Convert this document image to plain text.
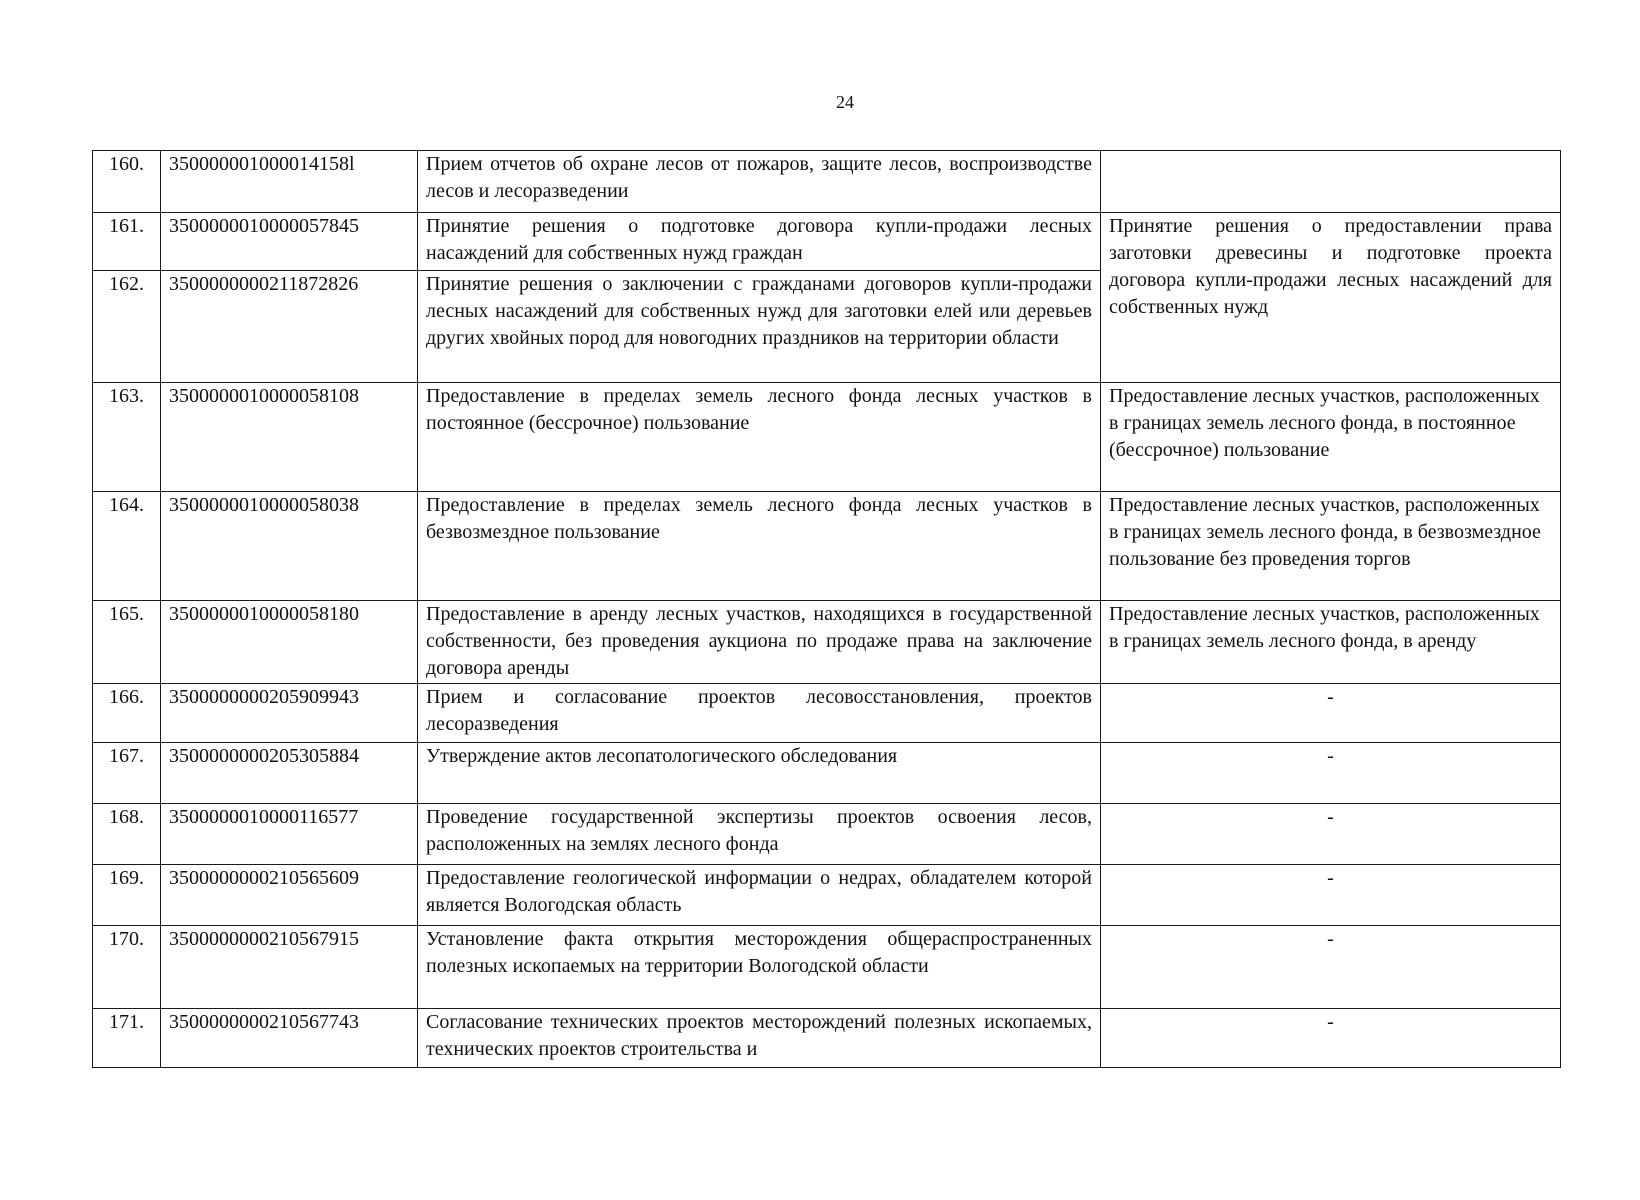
24
160.	350000001000014158l	Прием отчетов об охране лесов от пожаров, защите лесов, воспроизводстве лесов и лесоразведении	
161.	3500000010000057845	Принятие решения о подготовке договора купли-продажи лесных насаждений для собственных нужд граждан	Принятие решения о предоставлении права заготовки древесины и подготовке проекта договора купли-продажи лесных насаждений для собственных нужд
162.	3500000000211872826	Принятие решения о заключении с гражданами договоров купли-продажи лесных насаждений для собственных нужд для заготовки елей или деревьев других хвойных пород для новогодних праздников на территории области	
163.	3500000010000058108	Предоставление в пределах земель лесного фонда лесных участков в постоянное (бессрочное) пользование	Предоставление лесных участков, расположенных в границах земель лесного фонда, в постоянное (бессрочное) пользование
164.	3500000010000058038	Предоставление в пределах земель лесного фонда лесных участков в безвозмездное пользование	Предоставление лесных участков, расположенных в границах земель лесного фонда, в безвозмездное пользование без проведения торгов
165.	3500000010000058180	Предоставление в аренду лесных участков, находящихся в государственной собственности, без проведения аукциона по продаже права на заключение договора аренды	Предоставление лесных участков, расположенных в границах земель лесного фонда, в аренду
166.	3500000000205909943	Прием и согласование проектов лесовосстановления, проектов лесоразведения	-
167.	3500000000205305884	Утверждение актов лесопатологического обследования	-
168.	3500000010000116577	Проведение государственной экспертизы проектов освоения лесов, расположенных на землях лесного фонда	-
169.	3500000000210565609	Предоставление геологической информации о недрах, обладателем которой является Вологодская область	-
170.	3500000000210567915	Установление факта открытия месторождения общераспространенных полезных ископаемых на территории Вологодской области	-
171.	3500000000210567743	Согласование технических проектов месторождений полезных ископаемых, технических проектов строительства и	-
